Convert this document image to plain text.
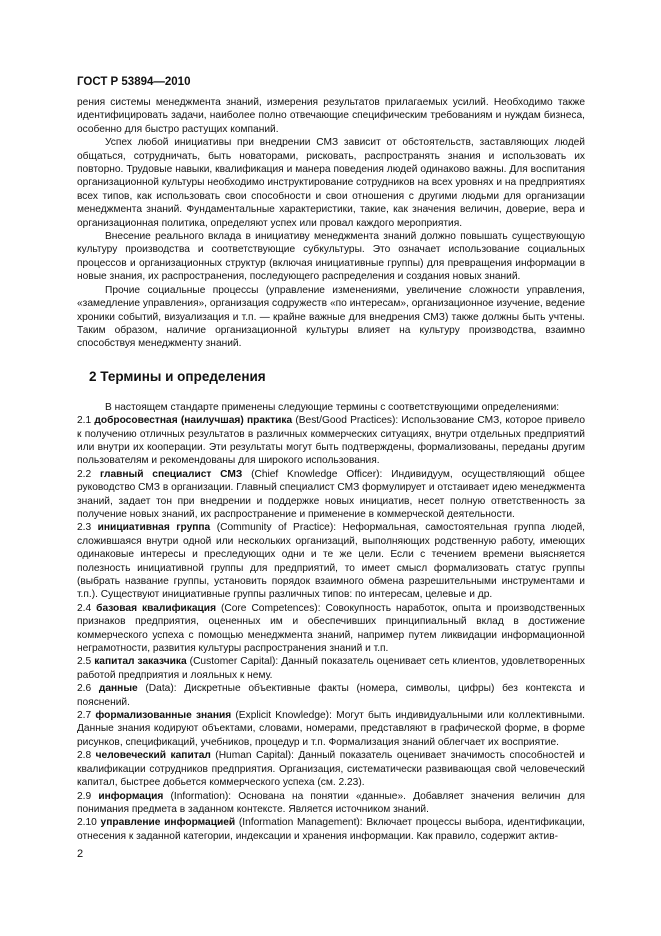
ГОСТ Р 53894—2010

рения системы менеджмента знаний, измерения результатов прилагаемых усилий. Необходимо также идентифицировать задачи, наиболее полно отвечающие специфическим требованиям и нуждам бизнеса, особенно для быстро растущих компаний.

Успех любой инициативы при внедрении СМЗ зависит от обстоятельств, заставляющих людей общаться, сотрудничать, быть новаторами, рисковать, распространять знания и использовать их повторно. Трудовые навыки, квалификация и манера поведения людей одинаково важны. Для воспитания организационной культуры необходимо инструктирование сотрудников на всех уровнях и на предприятиях всех типов, как использовать свои способности и свои отношения с другими людьми для организации менеджмента знаний. Фундаментальные характеристики, такие, как значения величин, доверие, вера и организационная политика, определяют успех или провал каждого мероприятия.

Внесение реального вклада в инициативу менеджмента знаний должно повышать существующую культуру производства и соответствующие субкультуры. Это означает использование социальных процессов и организационных структур (включая инициативные группы) для превращения информации в новые знания, их распространения, последующего распределения и создания новых знаний.

Прочие социальные процессы (управление изменениями, увеличение сложности управления, «замедление управления», организация содружеств «по интересам», организационное изучение, ведение хроники событий, визуализация и т.п. — крайне важные для внедрения СМЗ) также должны быть учтены. Таким образом, наличие организационной культуры влияет на культуру производства, взаимно способствуя менеджменту знаний.

2 Термины и определения

В настоящем стандарте применены следующие термины с соответствующими определениями:

2.1 добросовестная (наилучшая) практика (Best/Good Practices): Использование СМЗ, которое привело к получению отличных результатов в различных коммерческих ситуациях, внутри отдельных предприятий или внутри их кооперации. Эти результаты могут быть подтверждены, формализованы, переданы другим пользователям и рекомендованы для широкого использования.

2.2 главный специалист СМЗ (Chief Knowledge Officer): Индивидуум, осуществляющий общее руководство СМЗ в организации. Главный специалист СМЗ формулирует и отстаивает идею менеджмента знаний, задает тон при внедрении и поддержке новых инициатив, несет полную ответственность за получение новых знаний, их распространение и применение в коммерческой деятельности.

2.3 инициативная группа (Community of Practice): Неформальная, самостоятельная группа людей, сложившаяся внутри одной или нескольких организаций, выполняющих родственную работу, имеющих одинаковые интересы и преследующих одни и те же цели. Если с течением времени выясняется полезность инициативной группы для предприятий, то имеет смысл формализовать статус группы (выбрать название группы, установить порядок взаимного обмена разрешительными инструментами и т.п.). Существуют инициативные группы различных типов: по интересам, целевые и др.

2.4 базовая квалификация (Core Competences): Совокупность наработок, опыта и производственных признаков предприятия, оцененных им и обеспечивших принципиальный вклад в достижение коммерческого успеха с помощью менеджмента знаний, например путем ликвидации информационной неграмотности, развития культуры распространения знаний и т.п.

2.5 капитал заказчика (Customer Capital): Данный показатель оценивает сеть клиентов, удовлетворенных работой предприятия и лояльных к нему.

2.6 данные (Data): Дискретные объективные факты (номера, символы, цифры) без контекста и пояснений.

2.7 формализованные знания (Explicit Knowledge): Могут быть индивидуальными или коллективными. Данные знания кодируют объектами, словами, номерами, представляют в графической форме, в форме рисунков, спецификаций, учебников, процедур и т.п. Формализация знаний облегчает их восприятие.

2.8 человеческий капитал (Human Capital): Данный показатель оценивает значимость способностей и квалификации сотрудников предприятия. Организация, систематически развивающая свой человеческий капитал, быстрее добьется коммерческого успеха (см. 2.23).

2.9 информация (Information): Основана на понятии «данные». Добавляет значения величин для понимания предмета в заданном контексте. Является источником знаний.

2.10 управление информацией (Information Management): Включает процессы выбора, идентификации, отнесения к заданной категории, индексации и хранения информации. Как правило, содержит актив-

2
